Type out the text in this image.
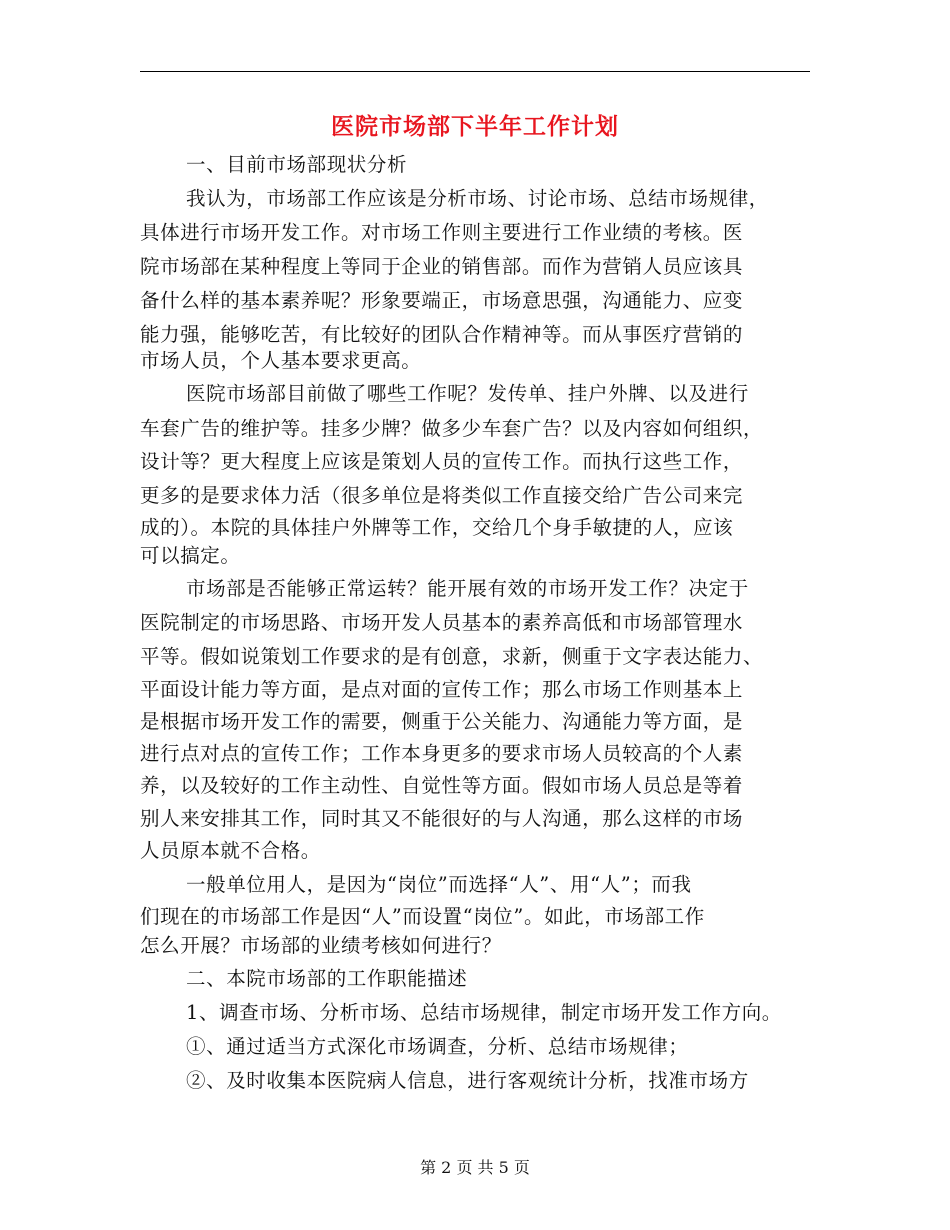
医院市场部下半年工作计划
一、目前市场部现状分析
我认为，市场部工作应该是分析市场、讨论市场、总结市场规律，
具体进行市场开发工作。对市场工作则主要进行工作业绩的考核。医
院市场部在某种程度上等同于企业的销售部。而作为营销人员应该具
备什么样的基本素养呢？形象要端正，市场意思强，沟通能力、应变
能力强，能够吃苦，有比较好的团队合作精神等。而从事医疗营销的
市场人员，个人基本要求更高。
医院市场部目前做了哪些工作呢？发传单、挂户外牌、以及进行
车套广告的维护等。挂多少牌？做多少车套广告？以及内容如何组织，
设计等？更大程度上应该是策划人员的宣传工作。而执行这些工作，
更多的是要求体力活（很多单位是将类似工作直接交给广告公司来完
成的）。本院的具体挂户外牌等工作，交给几个身手敏捷的人，应该
可以搞定。
市场部是否能够正常运转？能开展有效的市场开发工作？决定于
医院制定的市场思路、市场开发人员基本的素养高低和市场部管理水
平等。假如说策划工作要求的是有创意，求新，侧重于文字表达能力、
平面设计能力等方面，是点对面的宣传工作；那么市场工作则基本上
是根据市场开发工作的需要，侧重于公关能力、沟通能力等方面，是
进行点对点的宣传工作；工作本身更多的要求市场人员较高的个人素
养，以及较好的工作主动性、自觉性等方面。假如市场人员总是等着
别人来安排其工作，同时其又不能很好的与人沟通，那么这样的市场
人员原本就不合格。
一般单位用人，是因为“岗位”而选择“人”、用“人”；而我
们现在的市场部工作是因“人”而设置“岗位”。如此，市场部工作
怎么开展？市场部的业绩考核如何进行？
二、本院市场部的工作职能描述
1、调查市场、分析市场、总结市场规律，制定市场开发工作方向。
①、通过适当方式深化市场调查，分析、总结市场规律；
②、及时收集本医院病人信息，进行客观统计分析，找准市场方
第 2 页 共 5 页
